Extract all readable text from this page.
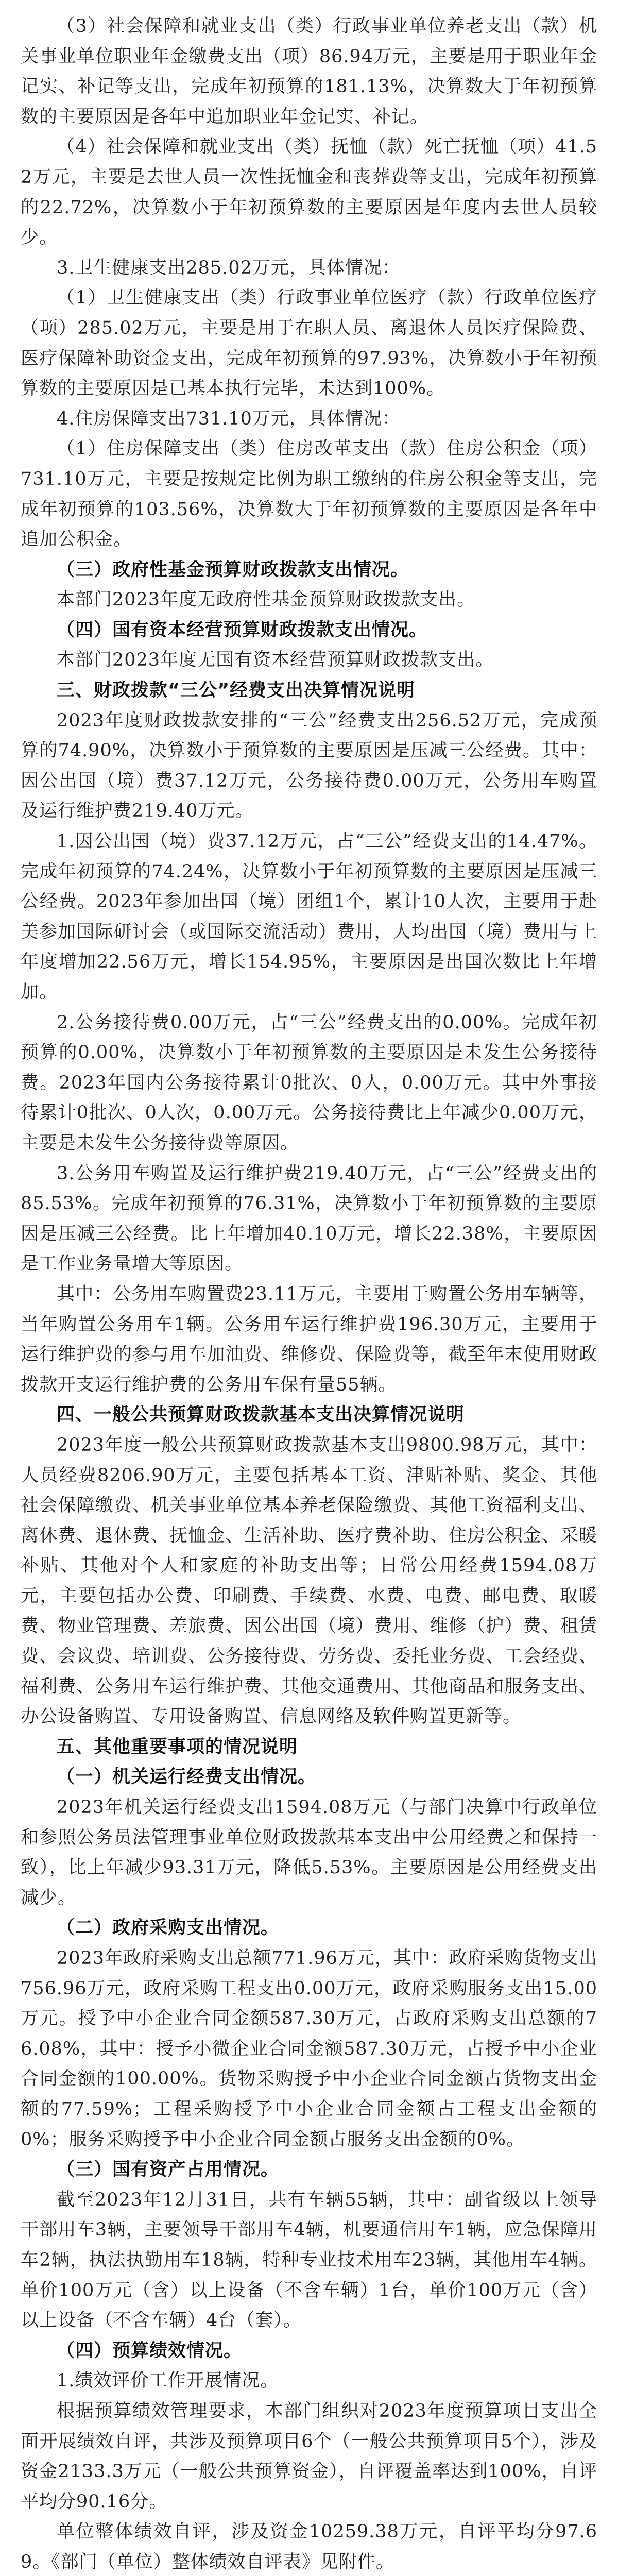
（3）社会保障和就业支出（类）行政事业单位养老支出（款）机关事业单位职业年金缴费支出（项）86.94万元，主要是用于职业年金记实、补记等支出，完成年初预算的181.13%，决算数大于年初预算数的主要原因是各年中追加职业年金记实、补记。

（4）社会保障和就业支出（类）抚恤（款）死亡抚恤（项）41.52万元，主要是去世人员一次性抚恤金和丧葬费等支出，完成年初预算的22.72%，决算数小于年初预算数的主要原因是年度内去世人员较少。

3.卫生健康支出285.02万元，具体情况：

（1）卫生健康支出（类）行政事业单位医疗（款）行政单位医疗（项）285.02万元，主要是用于在职人员、离退休人员医疗保险费、医疗保障补助资金支出，完成年初预算的97.93%，决算数小于年初预算数的主要原因是已基本执行完毕，未达到100%。

4.住房保障支出731.10万元，具体情况：

（1）住房保障支出（类）住房改革支出（款）住房公积金（项）731.10万元，主要是按规定比例为职工缴纳的住房公积金等支出，完成年初预算的103.56%，决算数大于年初预算数的主要原因是各年中追加公积金。

（三）政府性基金预算财政拨款支出情况。

本部门2023年度无政府性基金预算财政拨款支出。

（四）国有资本经营预算财政拨款支出情况。

本部门2023年度无国有资本经营预算财政拨款支出。

三、财政拨款“三公”经费支出决算情况说明

2023年度财政拨款安排的“三公”经费支出256.52万元，完成预算的74.90%，决算数小于预算数的主要原因是压减三公经费。其中：因公出国（境）费37.12万元，公务接待费0.00万元，公务用车购置及运行维护费219.40万元。

1.因公出国（境）费37.12万元，占“三公”经费支出的14.47%。完成年初预算的74.24%，决算数小于年初预算数的主要原因是压减三公经费。2023年参加出国（境）团组1个，累计10人次，主要用于赴美参加国际研讨会（或国际交流活动）费用，人均出国（境）费用与上年度增加22.56万元，增长154.95%，主要原因是出国次数比上年增加。

2.公务接待费0.00万元，占“三公”经费支出的0.00%。完成年初预算的0.00%，决算数小于年初预算数的主要原因是未发生公务接待费。2023年国内公务接待累计0批次、0人，0.00万元。其中外事接待累计0批次、0人次，0.00万元。公务接待费比上年减少0.00万元，主要是未发生公务接待费等原因。

3.公务用车购置及运行维护费219.40万元，占“三公”经费支出的85.53%。完成年初预算的76.31%，决算数小于年初预算数的主要原因是压减三公经费。比上年增加40.10万元，增长22.38%，主要原因是工作业务量增大等原因。

其中：公务用车购置费23.11万元，主要用于购置公务用车辆等，当年购置公务用车1辆。公务用车运行维护费196.30万元，主要用于运行维护费的参与用车加油费、维修费、保险费等，截至年末使用财政拨款开支运行维护费的公务用车保有量55辆。

四、一般公共预算财政拨款基本支出决算情况说明

2023年度一般公共预算财政拨款基本支出9800.98万元，其中：人员经费8206.90万元，主要包括基本工资、津贴补贴、奖金、其他社会保障缴费、机关事业单位基本养老保险缴费、其他工资福利支出、离休费、退休费、抚恤金、生活补助、医疗费补助、住房公积金、采暖补贴、其他对个人和家庭的补助支出等；日常公用经费1594.08万元，主要包括办公费、印刷费、手续费、水费、电费、邮电费、取暖费、物业管理费、差旅费、因公出国（境）费用、维修（护）费、租赁费、会议费、培训费、公务接待费、劳务费、委托业务费、工会经费、福利费、公务用车运行维护费、其他交通费用、其他商品和服务支出、办公设备购置、专用设备购置、信息网络及软件购置更新等。

五、其他重要事项的情况说明

（一）机关运行经费支出情况。

2023年机关运行经费支出1594.08万元（与部门决算中行政单位和参照公务员法管理事业单位财政拨款基本支出中公用经费之和保持一致），比上年减少93.31万元，降低5.53%。主要原因是公用经费支出减少。

（二）政府采购支出情况。

2023年政府采购支出总额771.96万元，其中：政府采购货物支出756.96万元，政府采购工程支出0.00万元，政府采购服务支出15.00万元。授予中小企业合同金额587.30万元，占政府采购支出总额的76.08%，其中：授予小微企业合同金额587.30万元，占授予中小企业合同金额的100.00%。货物采购授予中小企业合同金额占货物支出金额的77.59%；工程采购授予中小企业合同金额占工程支出金额的0%；服务采购授予中小企业合同金额占服务支出金额的0%。

（三）国有资产占用情况。

截至2023年12月31日，共有车辆55辆，其中：副省级以上领导干部用车3辆，主要领导干部用车4辆，机要通信用车1辆，应急保障用车2辆，执法执勤用车18辆，特种专业技术用车23辆，其他用车4辆。单价100万元（含）以上设备（不含车辆）1台，单价100万元（含）以上设备（不含车辆）4台（套）。

（四）预算绩效情况。

1.绩效评价工作开展情况。

根据预算绩效管理要求，本部门组织对2023年度预算项目支出全面开展绩效自评，共涉及预算项目6个（一般公共预算项目5个），涉及资金2133.3万元（一般公共预算资金），自评覆盖率达到100%，自评平均分90.16分。

单位整体绩效自评，涉及资金10259.38万元，自评平均分97.69。《部门（单位）整体绩效自评表》见附件。
